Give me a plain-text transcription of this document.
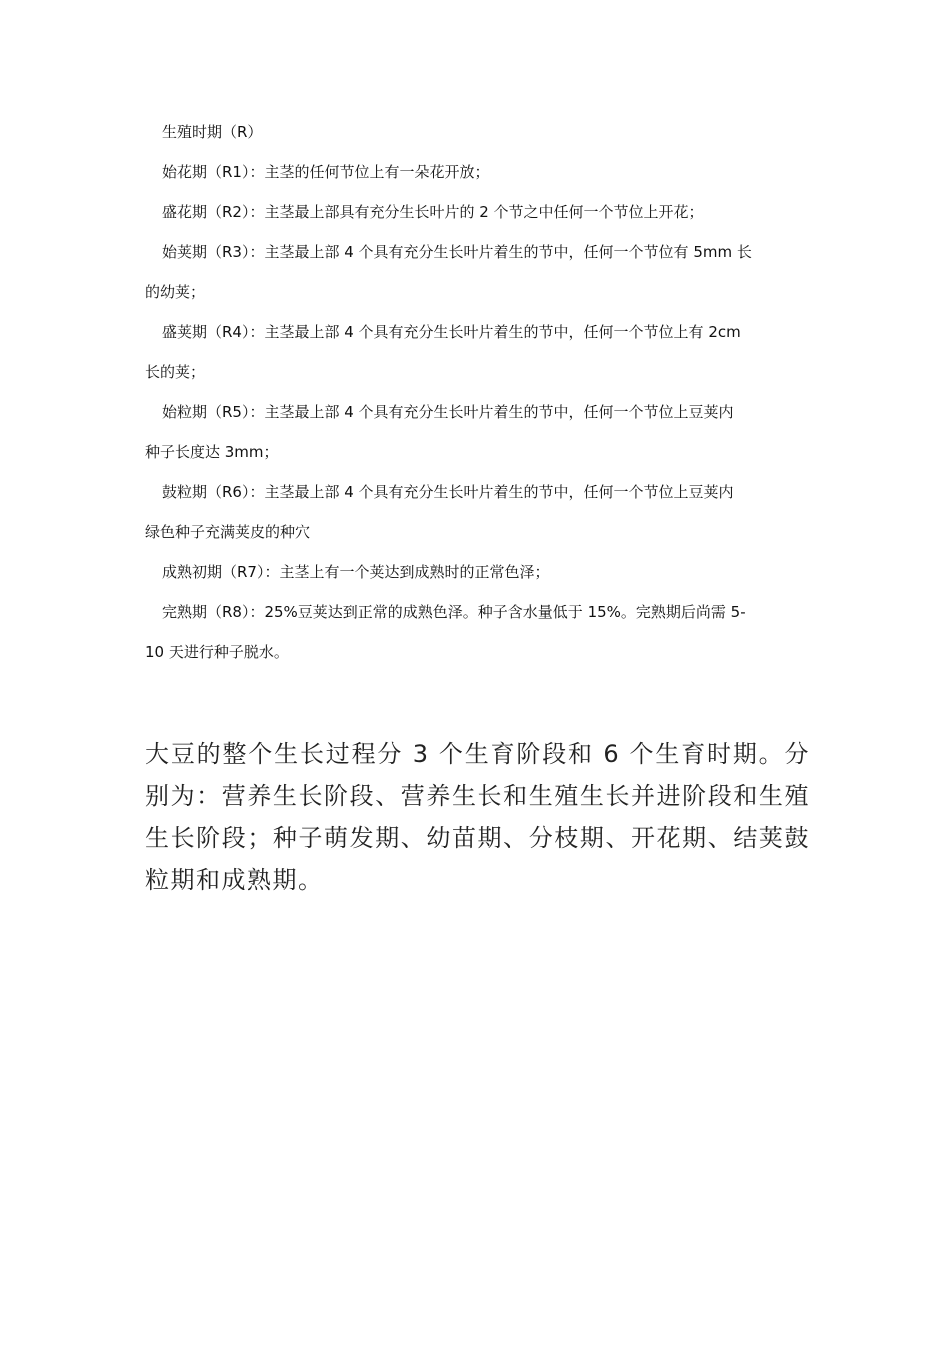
生殖时期（R）
始花期（R1）：主茎的任何节位上有一朵花开放；
盛花期（R2）：主茎最上部具有充分生长叶片的 2 个节之中任何一个节位上开花；
始荚期（R3）：主茎最上部 4 个具有充分生长叶片着生的节中，任何一个节位有 5mm 长
的幼荚；
盛荚期（R4）：主茎最上部 4 个具有充分生长叶片着生的节中，任何一个节位上有 2cm
长的荚；
始粒期（R5）：主茎最上部 4 个具有充分生长叶片着生的节中，任何一个节位上豆荚内
种子长度达 3mm；
鼓粒期（R6）：主茎最上部 4 个具有充分生长叶片着生的节中，任何一个节位上豆荚内
绿色种子充满荚皮的种穴
成熟初期（R7）：主茎上有一个荚达到成熟时的正常色泽；
完熟期（R8）：25%豆荚达到正常的成熟色泽。种子含水量低于 15%。完熟期后尚需 5-
10 天进行种子脱水。
大豆的整个生长过程分 3 个生育阶段和 6 个生育时期。分别为：营养生长阶段、营养生长和生殖生长并进阶段和生殖生长阶段；种子萌发期、幼苗期、分枝期、开花期、结荚鼓粒期和成熟期。
